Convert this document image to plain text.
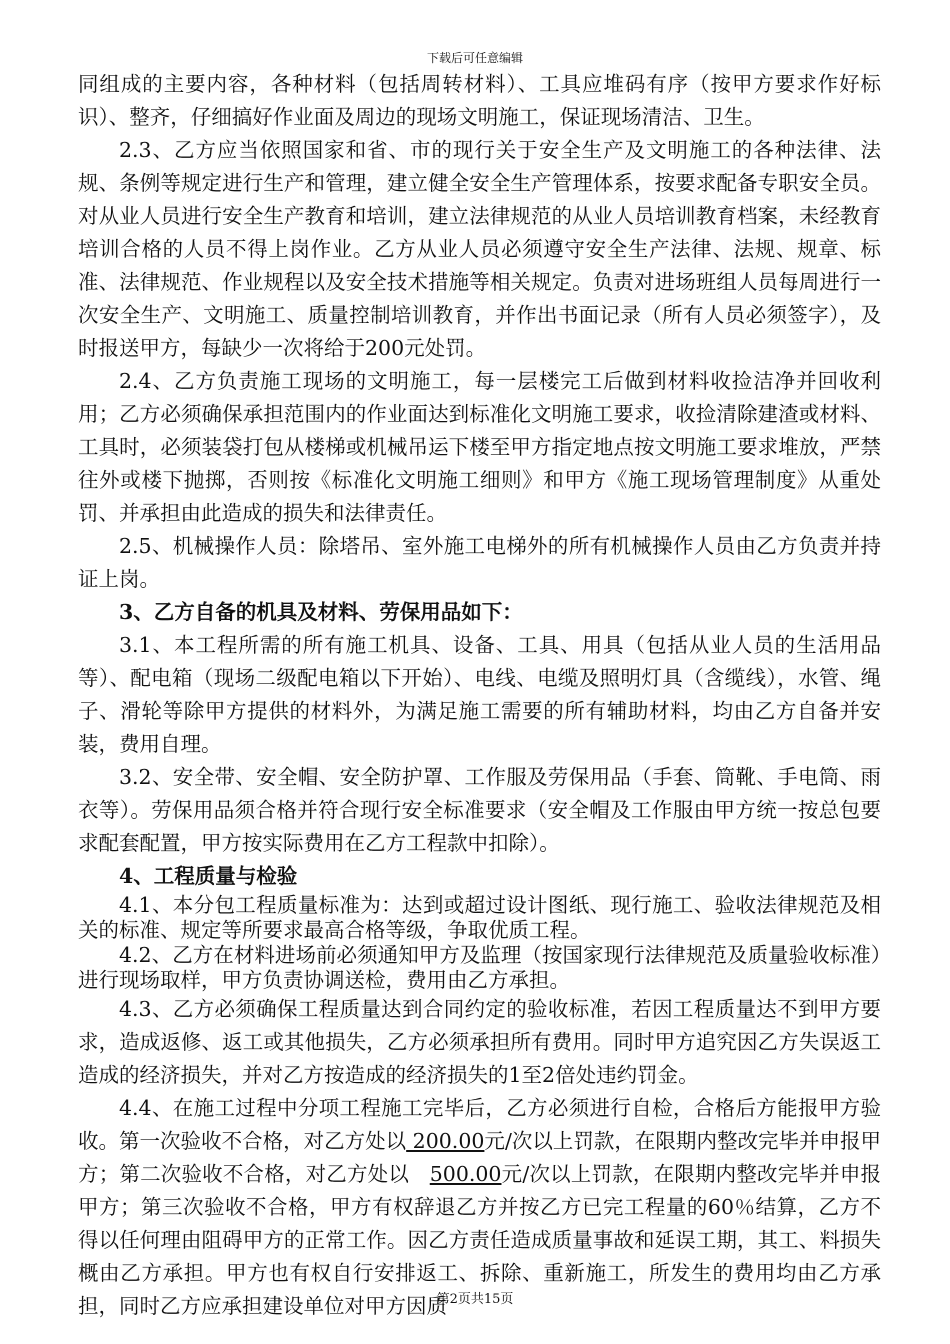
下载后可任意编辑

同组成的主要内容，各种材料（包括周转材料）、工具应堆码有序（按甲方要求作好标识）、整齐，仔细搞好作业面及周边的现场文明施工，保证现场清洁、卫生。

2.3、乙方应当依照国家和省、市的现行关于安全生产及文明施工的各种法律、法规、条例等规定进行生产和管理，建立健全安全生产管理体系，按要求配备专职安全员。对从业人员进行安全生产教育和培训，建立法律规范的从业人员培训教育档案，未经教育培训合格的人员不得上岗作业。乙方从业人员必须遵守安全生产法律、法规、规章、标准、法律规范、作业规程以及安全技术措施等相关规定。负责对进场班组人员每周进行一次安全生产、文明施工、质量控制培训教育，并作出书面记录（所有人员必须签字），及时报送甲方，每缺少一次将给于200元处罚。

2.4、乙方负责施工现场的文明施工，每一层楼完工后做到材料收捡洁净并回收利用；乙方必须确保承担范围内的作业面达到标准化文明施工要求，收捡清除建渣或材料、工具时，必须装袋打包从楼梯或机械吊运下楼至甲方指定地点按文明施工要求堆放，严禁往外或楼下抛掷，否则按《标准化文明施工细则》和甲方《施工现场管理制度》从重处罚、并承担由此造成的损失和法律责任。

2.5、机械操作人员：除塔吊、室外施工电梯外的所有机械操作人员由乙方负责并持证上岗。

3、乙方自备的机具及材料、劳保用品如下：

3.1、本工程所需的所有施工机具、设备、工具、用具（包括从业人员的生活用品等）、配电箱（现场二级配电箱以下开始）、电线、电缆及照明灯具（含缆线），水管、绳子、滑轮等除甲方提供的材料外，为满足施工需要的所有辅助材料，均由乙方自备并安装，费用自理。

3.2、安全带、安全帽、安全防护罩、工作服及劳保用品（手套、筒靴、手电筒、雨衣等）。劳保用品须合格并符合现行安全标准要求（安全帽及工作服由甲方统一按总包要求配套配置，甲方按实际费用在乙方工程款中扣除）。

4、工程质量与检验

4.1、本分包工程质量标准为：达到或超过设计图纸、现行施工、验收法律规范及相关的标准、规定等所要求最高合格等级，争取优质工程。

4.2、乙方在材料进场前必须通知甲方及监理（按国家现行法律规范及质量验收标准）进行现场取样，甲方负责协调送检，费用由乙方承担。

4.3、乙方必须确保工程质量达到合同约定的验收标准，若因工程质量达不到甲方要求，造成返修、返工或其他损失，乙方必须承担所有费用。同时甲方追究因乙方失误返工造成的经济损失，并对乙方按造成的经济损失的1至2倍处违约罚金。

4.4、在施工过程中分项工程施工完毕后，乙方必须进行自检，合格后方能报甲方验收。第一次验收不合格，对乙方处以 200.00元/次以上罚款，在限期内整改完毕并申报甲方；第二次验收不合格，对乙方处以　500.00元/次以上罚款，在限期内整改完毕并申报甲方；第三次验收不合格，甲方有权辞退乙方并按乙方已完工程量的60％结算，乙方不得以任何理由阻碍甲方的正常工作。因乙方责任造成质量事故和延误工期，其工、料损失概由乙方承担。甲方也有权自行安排返工、拆除、重新施工，所发生的费用均由乙方承担，同时乙方应承担建设单位对甲方因质

第2页共15页
